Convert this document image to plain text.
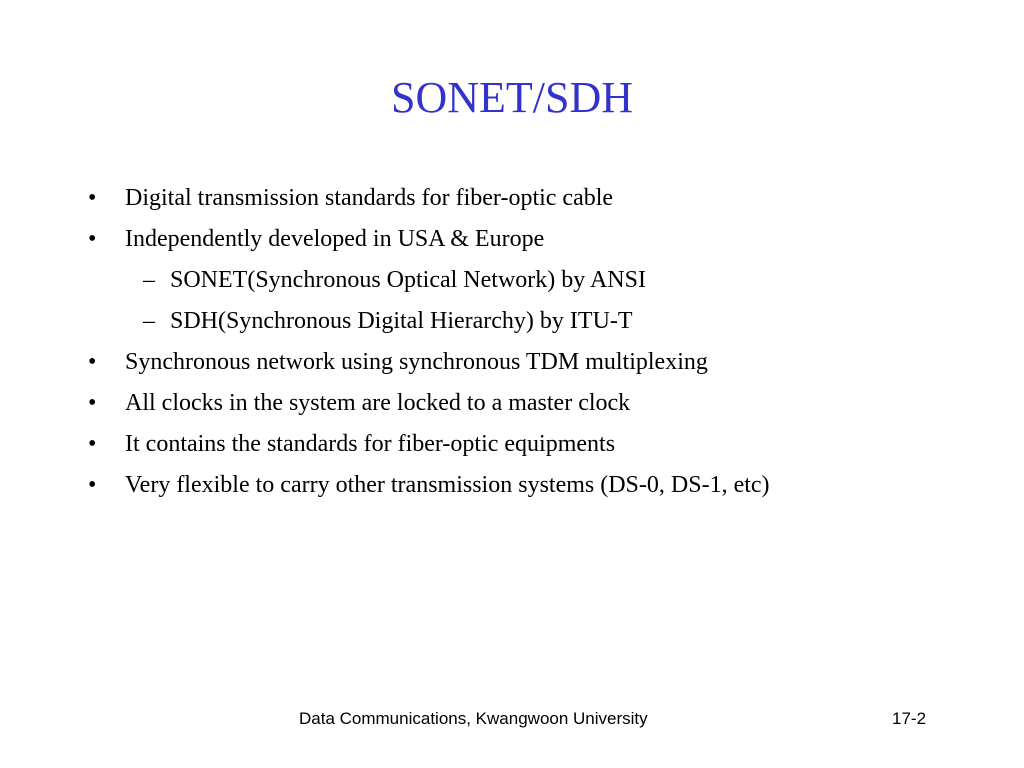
SONET/SDH
• Digital transmission standards for fiber-optic cable
• Independently developed in USA & Europe
– SONET(Synchronous Optical Network) by ANSI
– SDH(Synchronous Digital Hierarchy) by ITU-T
• Synchronous network using synchronous TDM multiplexing
• All clocks in the system are locked to a master clock
• It contains the standards for fiber-optic equipments
• Very flexible to carry other transmission systems (DS-0, DS-1, etc)
Data Communications, Kwangwoon University	17-2
